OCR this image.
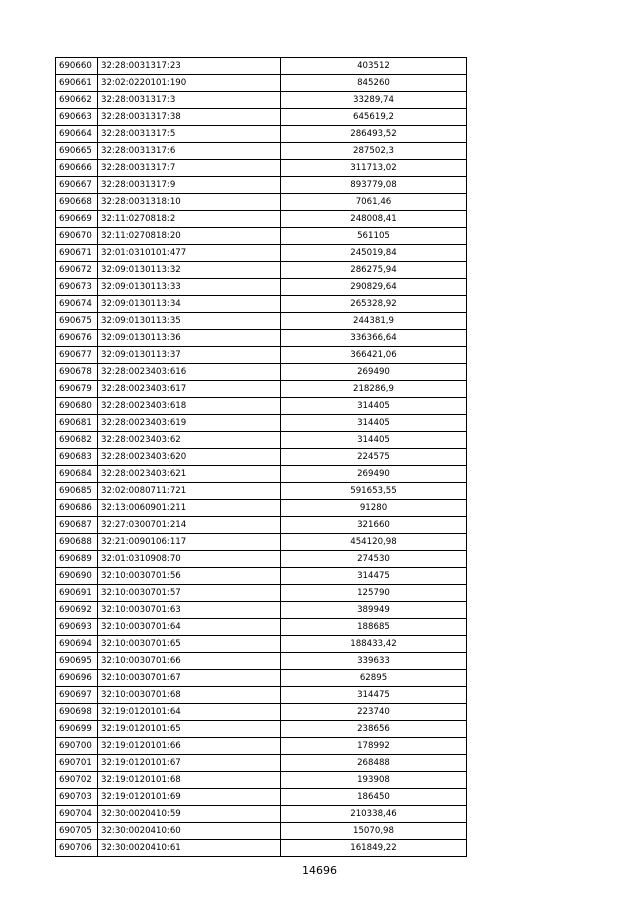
690660	32:28:0031317:23	403512
690661	32:02:0220101:190	845260
690662	32:28:0031317:3	33289,74
690663	32:28:0031317:38	645619,2
690664	32:28:0031317:5	286493,52
690665	32:28:0031317:6	287502,3
690666	32:28:0031317:7	311713,02
690667	32:28:0031317:9	893779,08
690668	32:28:0031318:10	7061,46
690669	32:11:0270818:2	248008,41
690670	32:11:0270818:20	561105
690671	32:01:0310101:477	245019,84
690672	32:09:0130113:32	286275,94
690673	32:09:0130113:33	290829,64
690674	32:09:0130113:34	265328,92
690675	32:09:0130113:35	244381,9
690676	32:09:0130113:36	336366,64
690677	32:09:0130113:37	366421,06
690678	32:28:0023403:616	269490
690679	32:28:0023403:617	218286,9
690680	32:28:0023403:618	314405
690681	32:28:0023403:619	314405
690682	32:28:0023403:62	314405
690683	32:28:0023403:620	224575
690684	32:28:0023403:621	269490
690685	32:02:0080711:721	591653,55
690686	32:13:0060901:211	91280
690687	32:27:0300701:214	321660
690688	32:21:0090106:117	454120,98
690689	32:01:0310908:70	274530
690690	32:10:0030701:56	314475
690691	32:10:0030701:57	125790
690692	32:10:0030701:63	389949
690693	32:10:0030701:64	188685
690694	32:10:0030701:65	188433,42
690695	32:10:0030701:66	339633
690696	32:10:0030701:67	62895
690697	32:10:0030701:68	314475
690698	32:19:0120101:64	223740
690699	32:19:0120101:65	238656
690700	32:19:0120101:66	178992
690701	32:19:0120101:67	268488
690702	32:19:0120101:68	193908
690703	32:19:0120101:69	186450
690704	32:30:0020410:59	210338,46
690705	32:30:0020410:60	15070,98
690706	32:30:0020410:61	161849,22
14696
